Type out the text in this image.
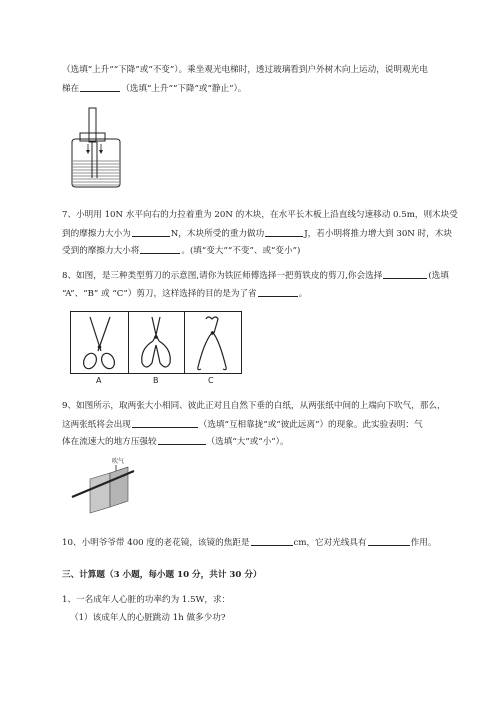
（选填“上升”“下降”或“不变”）。乘坐观光电梯时，透过玻璃看到户外树木向上运动，说明观光电
梯在	（选填“上升”“下降”或“静止”）。
7、小明用 10N 水平向右的力拉着重为 20N 的木块，在水平长木板上沿直线匀速移动 0.5m，则木块受
到的摩擦力大小为	N，木块所受的重力做功	J，若小明将推力增大到 30N 时，木块
受到的摩擦力大小将	。(填“变大”“不变”、或“变小”)
8、如图，是三种类型剪刀的示意图,请你为铁匠师傅选择一把剪铁皮的剪刀,你会选择	(选填
“A”、“B” 或 “C”）剪刀，这样选择的目的是为了省	。
A	B	C
9、如图所示，取两张大小相同、彼此正对且自然下垂的白纸，从两张纸中间的上端向下吹气，那么，
这两张纸将会出现	（选填“互相靠拢”或“彼此远离”）的现象。此实验表明：气
体在流速大的地方压强较	（选填“大”或“小”）。
吹气
10、小明爷爷带 400 度的老花镜，该镜的焦距是	cm，它对光线具有	作用。
三、计算题（3 小题，每小题 10 分，共计 30 分）
1、一名成年人心脏的功率约为 1.5W，求：
（1）该成年人的心脏跳动 1h 做多少功?
